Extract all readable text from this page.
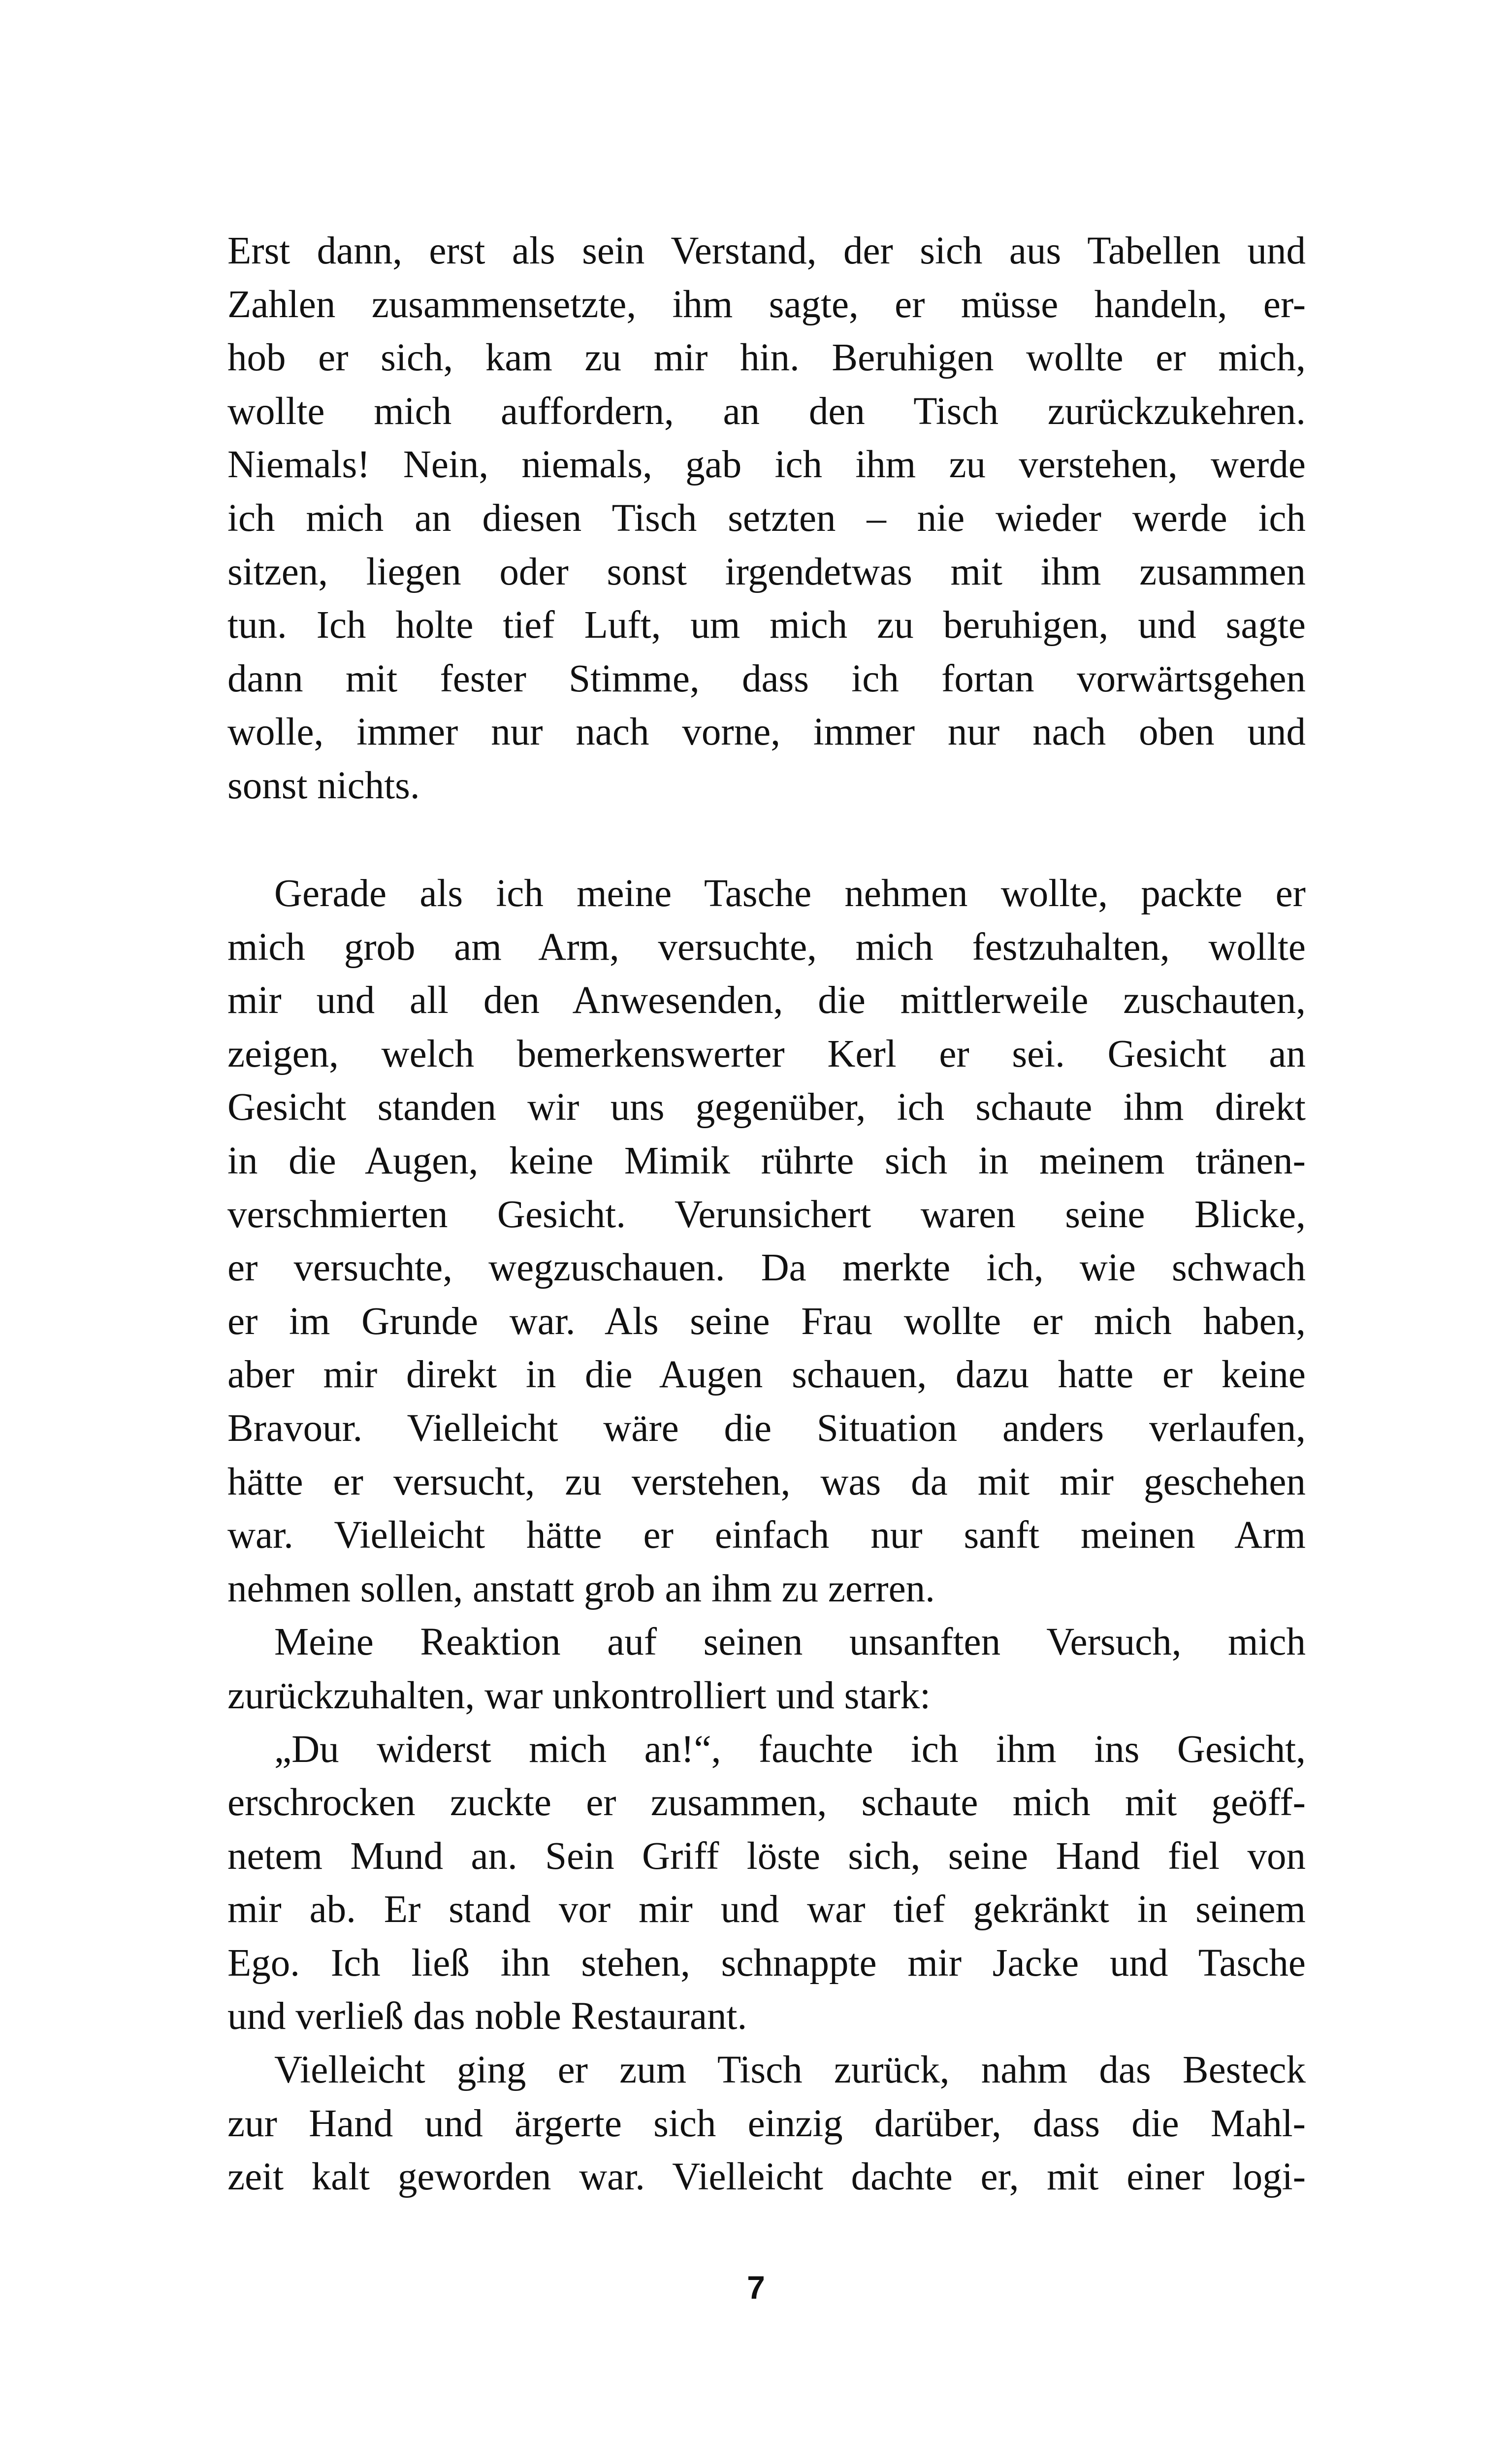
Erst dann, erst als sein Verstand, der sich aus Tabellen und
Zahlen zusammensetzte, ihm sagte, er müsse handeln, er-
hob er sich, kam zu mir hin. Beruhigen wollte er mich,
wollte mich auffordern, an den Tisch zurückzukehren.
Niemals! Nein, niemals, gab ich ihm zu verstehen, werde
ich mich an diesen Tisch setzten – nie wieder werde ich
sitzen, liegen oder sonst irgendetwas mit ihm zusammen
tun. Ich holte tief Luft, um mich zu beruhigen, und sagte
dann mit fester Stimme, dass ich fortan vorwärtsgehen
wolle, immer nur nach vorne, immer nur nach oben und
sonst nichts.
Gerade als ich meine Tasche nehmen wollte, packte er
mich grob am Arm, versuchte, mich festzuhalten, wollte
mir und all den Anwesenden, die mittlerweile zuschauten,
zeigen, welch bemerkenswerter Kerl er sei. Gesicht an
Gesicht standen wir uns gegenüber, ich schaute ihm direkt
in die Augen, keine Mimik rührte sich in meinem tränen-
verschmierten Gesicht. Verunsichert waren seine Blicke,
er versuchte, wegzuschauen. Da merkte ich, wie schwach
er im Grunde war. Als seine Frau wollte er mich haben,
aber mir direkt in die Augen schauen, dazu hatte er keine
Bravour. Vielleicht wäre die Situation anders verlaufen,
hätte er versucht, zu verstehen, was da mit mir geschehen
war. Vielleicht hätte er einfach nur sanft meinen Arm
nehmen sollen, anstatt grob an ihm zu zerren.
Meine Reaktion auf seinen unsanften Versuch, mich
zurückzuhalten, war unkontrolliert und stark:
„Du widerst mich an!“, fauchte ich ihm ins Gesicht,
erschrocken zuckte er zusammen, schaute mich mit geöff-
netem Mund an. Sein Griff löste sich, seine Hand fiel von
mir ab. Er stand vor mir und war tief gekränkt in seinem
Ego. Ich ließ ihn stehen, schnappte mir Jacke und Tasche
und verließ das noble Restaurant.
Vielleicht ging er zum Tisch zurück, nahm das Besteck
zur Hand und ärgerte sich einzig darüber, dass die Mahl-
zeit kalt geworden war. Vielleicht dachte er, mit einer logi-
7
